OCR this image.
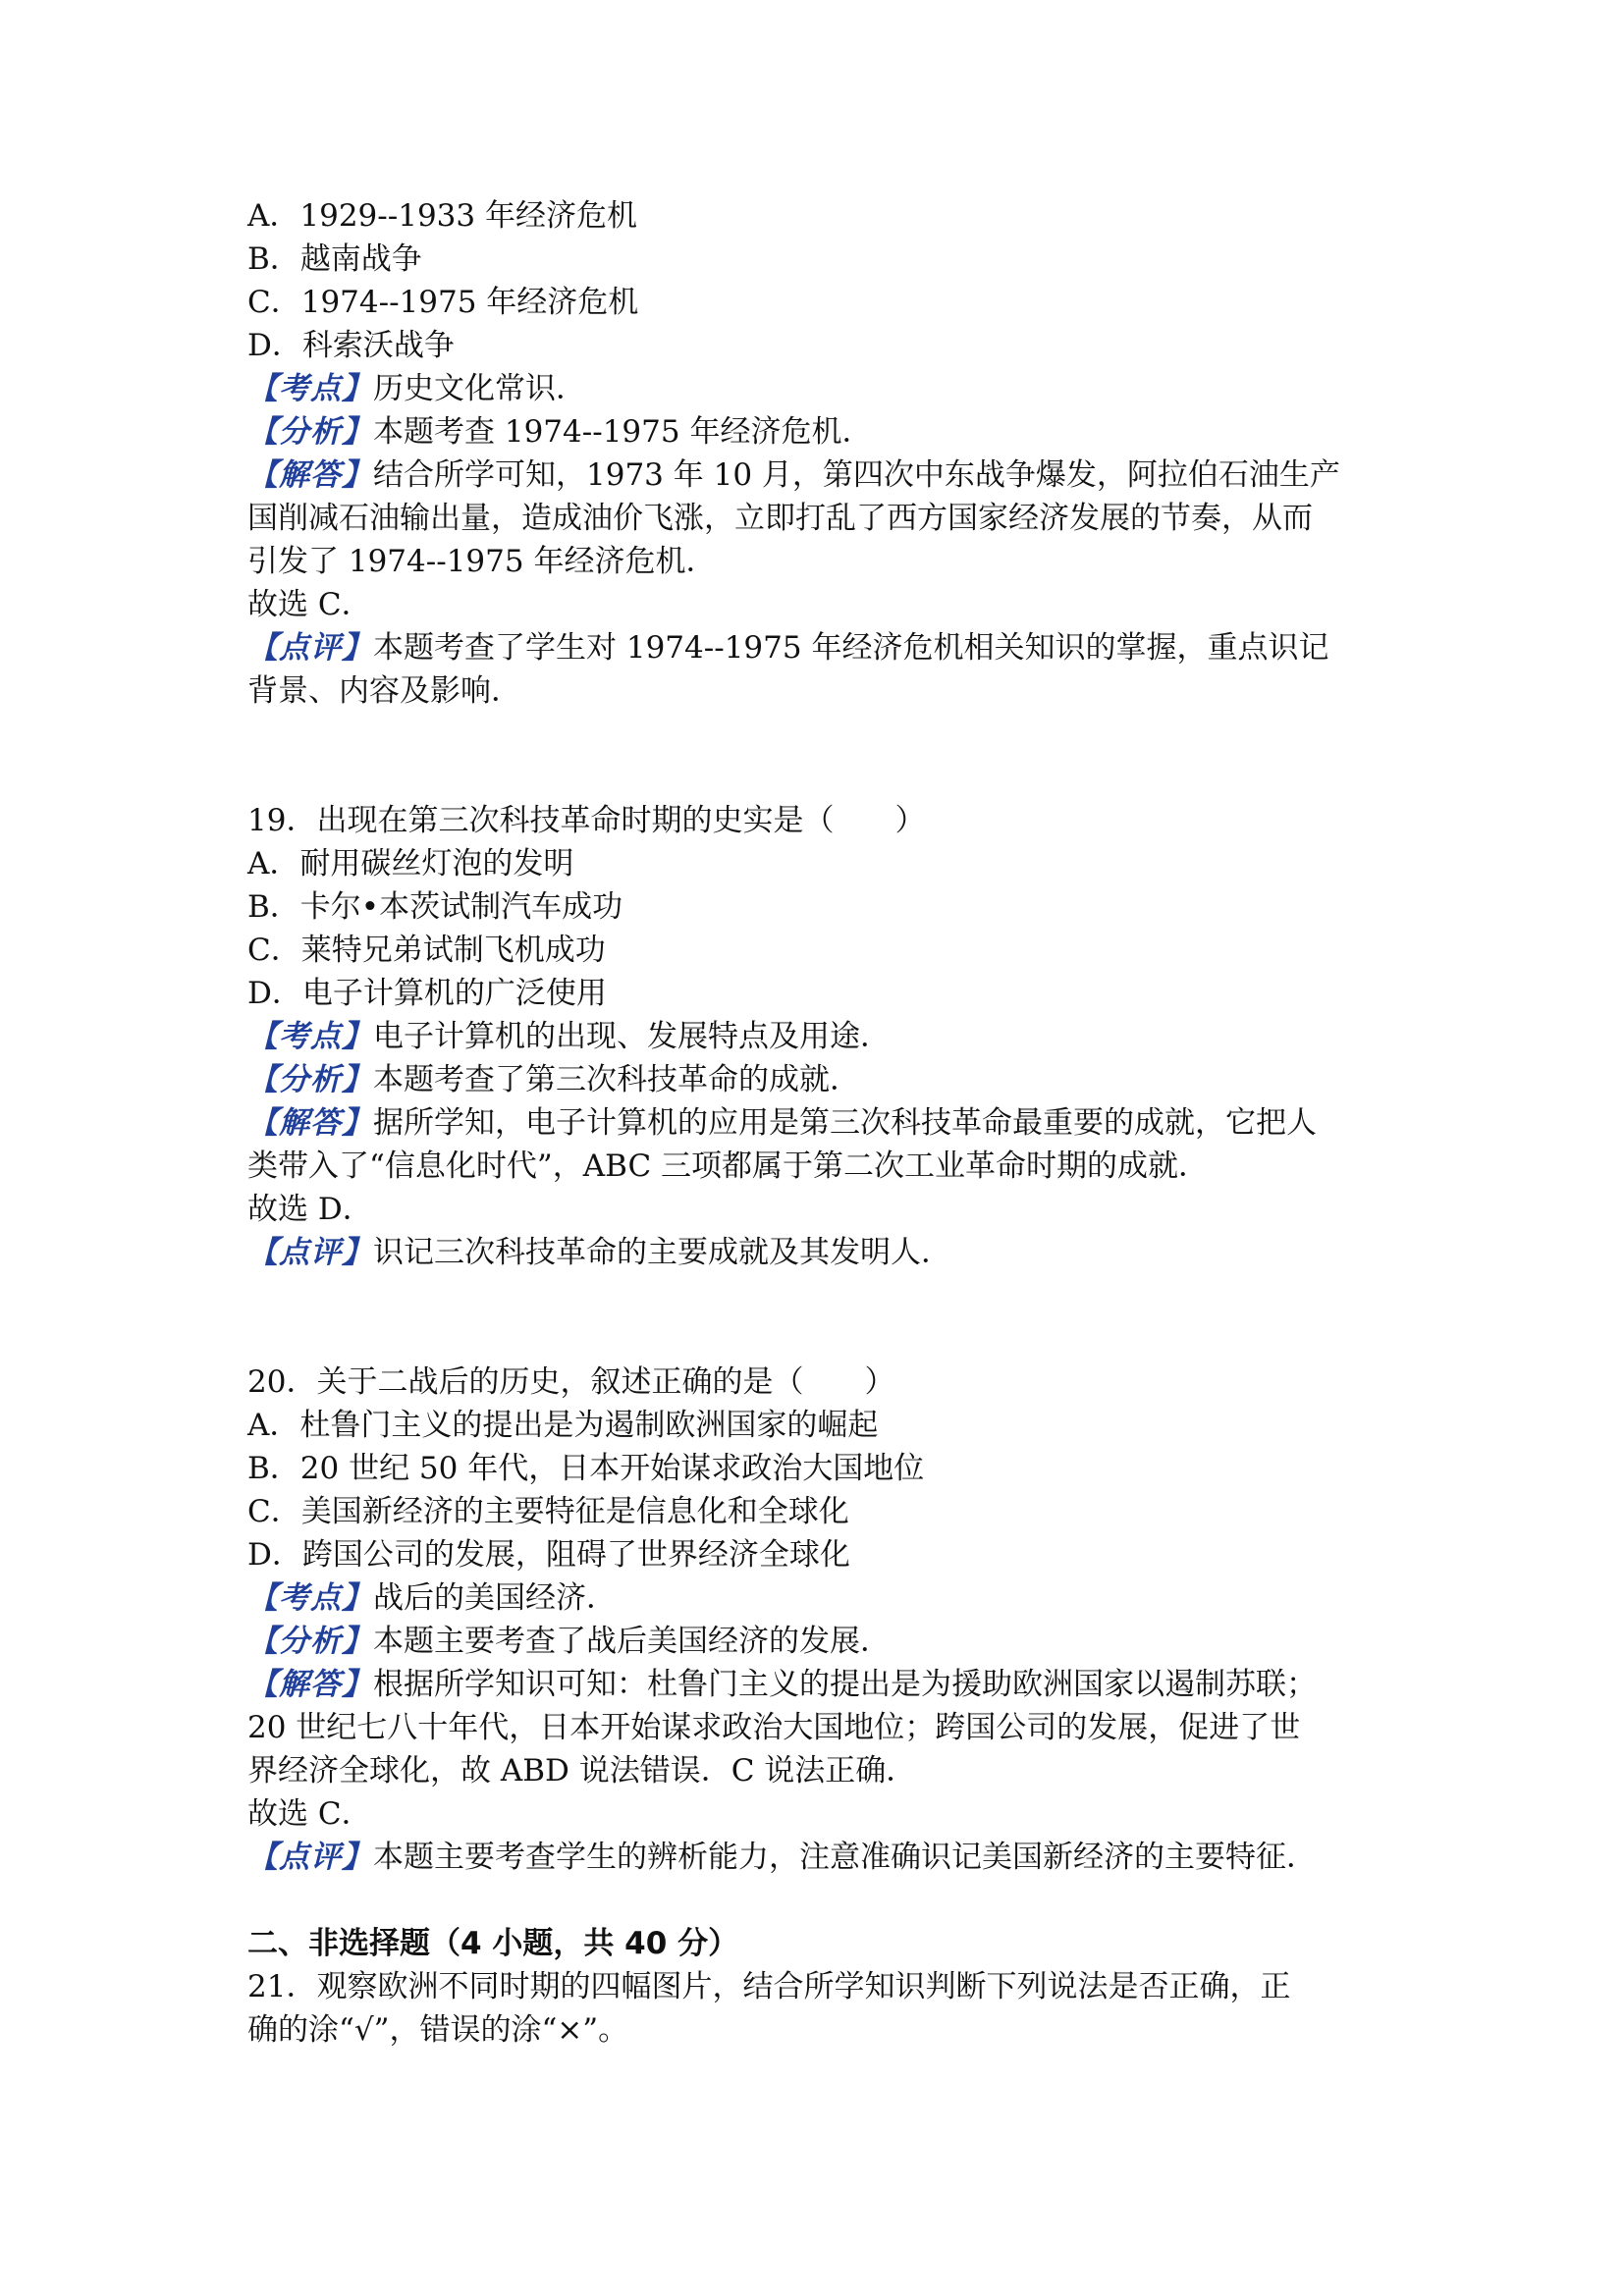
A．1929--1933 年经济危机
B．越南战争
C．1974--1975 年经济危机
D．科索沃战争
【考点】历史文化常识．
【分析】本题考查 1974--1975 年经济危机．
【解答】结合所学可知，1973 年 10 月，第四次中东战争爆发，阿拉伯石油生产
国削减石油输出量，造成油价飞涨，立即打乱了西方国家经济发展的节奏，从而
引发了 1974--1975 年经济危机．
故选 C．
【点评】本题考查了学生对 1974--1975 年经济危机相关知识的掌握，重点识记
背景、内容及影响．
19．出现在第三次科技革命时期的史实是（　　）
A．耐用碳丝灯泡的发明
B．卡尔•本茨试制汽车成功
C．莱特兄弟试制飞机成功
D．电子计算机的广泛使用
【考点】电子计算机的出现、发展特点及用途．
【分析】本题考查了第三次科技革命的成就．
【解答】据所学知，电子计算机的应用是第三次科技革命最重要的成就，它把人
类带入了“信息化时代”，ABC 三项都属于第二次工业革命时期的成就．
故选 D．
【点评】识记三次科技革命的主要成就及其发明人．
20．关于二战后的历史，叙述正确的是（　　）
A．杜鲁门主义的提出是为遏制欧洲国家的崛起
B．20 世纪 50 年代，日本开始谋求政治大国地位
C．美国新经济的主要特征是信息化和全球化
D．跨国公司的发展，阻碍了世界经济全球化
【考点】战后的美国经济．
【分析】本题主要考查了战后美国经济的发展．
【解答】根据所学知识可知：杜鲁门主义的提出是为援助欧洲国家以遏制苏联；
20 世纪七八十年代，日本开始谋求政治大国地位；跨国公司的发展，促进了世
界经济全球化，故 ABD 说法错误．C 说法正确．
故选 C．
【点评】本题主要考查学生的辨析能力，注意准确识记美国新经济的主要特征．
二、非选择题（4 小题，共 40 分）
21．观察欧洲不同时期的四幅图片，结合所学知识判断下列说法是否正确，正
确的涂“√”，错误的涂“×”。
